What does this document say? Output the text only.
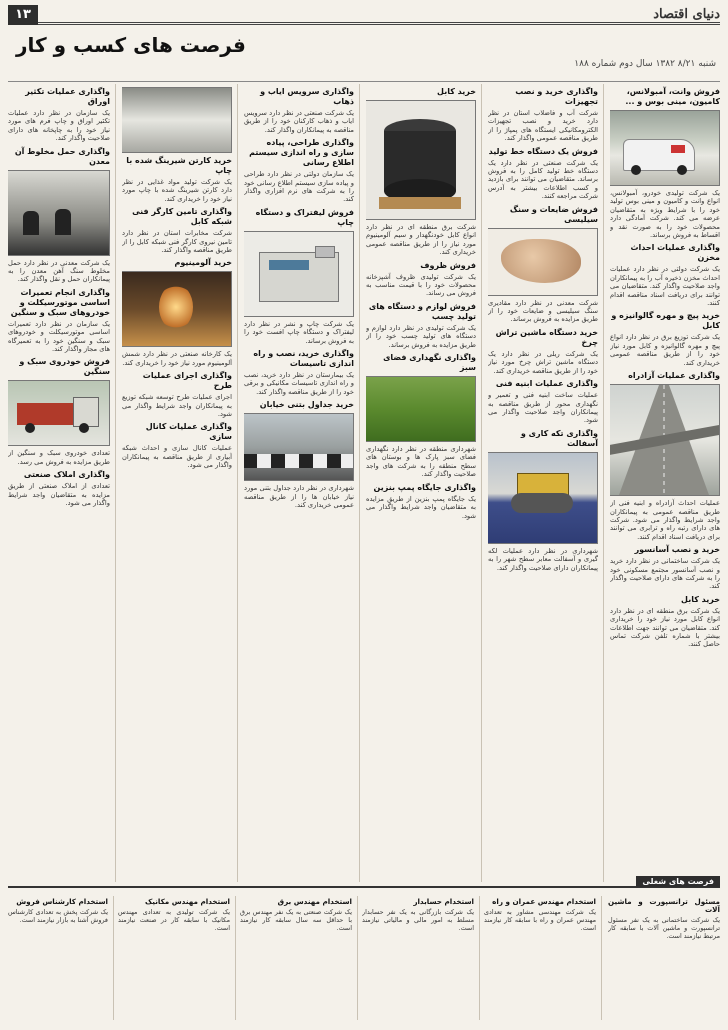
۱۳	دنیای اقتصاد
فرصت های کسب و کار
شنبه ۸/۲۱ ۱۳۸۲ سال دوم شماره ۱۸۸
فروش وانت، آمبولانس، کامیون، مینی بوس و ...
یک شرکت تولیدی خودرو، آمبولانس، انواع وانت و کامیون و مینی بوس تولید خود را با شرایط ویژه به متقاضیان عرضه می کند. شرکت آمادگی دارد محصولات خود را به صورت نقد و اقساط به فروش برساند.
واگذاری عملیات احداث مخزن
یک شرکت دولتی در نظر دارد عملیات احداث مخزن ذخیره آب را به پیمانکاران واجد صلاحیت واگذار کند. متقاضیان می توانند برای دریافت اسناد مناقصه اقدام کنند.
خرید پیچ و مهره گالوانیزه و کابل
یک شرکت توزیع برق در نظر دارد انواع پیچ و مهره گالوانیزه و کابل مورد نیاز خود را از طریق مناقصه عمومی خریداری کند.
واگذاری عملیات آزادراه
عملیات احداث آزادراه و ابنیه فنی از طریق مناقصه عمومی به پیمانکاران واجد شرایط واگذار می شود. شرکت های دارای رتبه راه و ترابری می توانند برای دریافت اسناد اقدام کنند.
خرید و نصب آسانسور
یک شرکت ساختمانی در نظر دارد خرید و نصب آسانسور مجتمع مسکونی خود را به شرکت های دارای صلاحیت واگذار کند.
خرید کابل
یک شرکت برق منطقه ای در نظر دارد انواع کابل مورد نیاز خود را خریداری کند. متقاضیان می توانند جهت اطلاعات بیشتر با شماره تلفن شرکت تماس حاصل کنند.
واگذاری خرید و نصب تجهیزات
شرکت آب و فاضلاب استان در نظر دارد خرید و نصب تجهیزات الکترومکانیکی ایستگاه های پمپاژ را از طریق مناقصه عمومی واگذار کند.
فروش یک دستگاه خط تولید
یک شرکت صنعتی در نظر دارد یک دستگاه خط تولید کامل را به فروش برساند. متقاضیان می توانند برای بازدید و کسب اطلاعات بیشتر به آدرس شرکت مراجعه کنند.
فروش ضایعات و سنگ سیلیسی
شرکت معدنی در نظر دارد مقادیری سنگ سیلیسی و ضایعات خود را از طریق مزایده به فروش برساند.
خرید دستگاه ماشین تراش چرخ
یک شرکت ریلی در نظر دارد یک دستگاه ماشین تراش چرخ مورد نیاز خود را از طریق مناقصه خریداری کند.
واگذاری عملیات ابنیه فنی
عملیات ساخت ابنیه فنی و تعمیر و نگهداری محور از طریق مناقصه به پیمانکاران واجد صلاحیت واگذار می شود.
واگذاری تکه کاری و آسفالت
شهرداری در نظر دارد عملیات لکه گیری و آسفالت معابر سطح شهر را به پیمانکاران دارای صلاحیت واگذار کند.
خرید کابل
شرکت برق منطقه ای در نظر دارد انواع کابل خودنگهدار و سیم آلومینیوم مورد نیاز را از طریق مناقصه عمومی خریداری کند.
فروش ظروف
یک شرکت تولیدی ظروف آشپزخانه محصولات خود را با قیمت مناسب به فروش می رساند.
فروش لوازم و دستگاه های تولید چسب
یک شرکت تولیدی در نظر دارد لوازم و دستگاه های تولید چسب خود را از طریق مزایده به فروش برساند.
واگذاری نگهداری فضای سبز
شهرداری منطقه در نظر دارد نگهداری فضای سبز پارک ها و بوستان های سطح منطقه را به شرکت های واجد صلاحیت واگذار کند.
واگذاری جایگاه پمپ بنزین
یک جایگاه پمپ بنزین از طریق مزایده به متقاضیان واجد شرایط واگذار می شود.
واگذاری سرویس ایاب و ذهاب
یک شرکت صنعتی در نظر دارد سرویس ایاب و ذهاب کارکنان خود را از طریق مناقصه به پیمانکاران واگذار کند.
واگذاری طراحی، پیاده سازی و راه اندازی سیستم اطلاع رسانی
یک سازمان دولتی در نظر دارد طراحی و پیاده سازی سیستم اطلاع رسانی خود را به شرکت های نرم افزاری واگذار کند.
فروش لیفتراک و دستگاه چاپ
یک شرکت چاپ و نشر در نظر دارد لیفتراک و دستگاه چاپ افست خود را به فروش برساند.
واگذاری خرید، نصب و راه اندازی تاسیسات
یک بیمارستان در نظر دارد خرید، نصب و راه اندازی تاسیسات مکانیکی و برقی خود را از طریق مناقصه واگذار کند.
خرید جداول بتنی خیابان
شهرداری در نظر دارد جداول بتنی مورد نیاز خیابان ها را از طریق مناقصه عمومی خریداری کند.
خرید کارتن شیرینگ شده با چاپ
یک شرکت تولید مواد غذایی در نظر دارد کارتن شیرینگ شده با چاپ مورد نیاز خود را خریداری کند.
واگذاری تامین کارگر فنی شبکه کابل
شرکت مخابرات استان در نظر دارد تامین نیروی کارگر فنی شبکه کابل را از طریق مناقصه واگذار کند.
خرید آلومینیوم
یک کارخانه صنعتی در نظر دارد شمش آلومینیوم مورد نیاز خود را خریداری کند.
واگذاری اجرای عملیات طرح
اجرای عملیات طرح توسعه شبکه توزیع به پیمانکاران واجد شرایط واگذار می شود.
واگذاری عملیات کانال سازی
عملیات کانال سازی و احداث شبکه آبیاری از طریق مناقصه به پیمانکاران واگذار می شود.
واگذاری عملیات تکثیر اوراق
یک سازمان در نظر دارد عملیات تکثیر اوراق و چاپ فرم های مورد نیاز خود را به چاپخانه های دارای صلاحیت واگذار کند.
واگذاری حمل مخلوط آن معدن
یک شرکت معدنی در نظر دارد حمل مخلوط سنگ آهن معدن را به پیمانکاران حمل و نقل واگذار کند.
واگذاری انجام تعمیرات اساسی موتورسیکلت و خودروهای سبک و سنگین
یک سازمان در نظر دارد تعمیرات اساسی موتورسیکلت و خودروهای سبک و سنگین خود را به تعمیرگاه های مجاز واگذار کند.
فروش خودروی سبک و سنگین
تعدادی خودروی سبک و سنگین از طریق مزایده به فروش می رسد.
واگذاری املاک صنعتی
تعدادی از املاک صنعتی از طریق مزایده به متقاضیان واجد شرایط واگذار می شود.
فرصت های شغلی
مسئول ترانسپورت و ماشین آلات
یک شرکت ساختمانی به یک نفر مسئول ترانسپورت و ماشین آلات با سابقه کار مرتبط نیازمند است.
استخدام مهندس عمران و راه
یک شرکت مهندسی مشاور به تعدادی مهندس عمران و راه با سابقه کار نیازمند است.
استخدام حسابدار
یک شرکت بازرگانی به یک نفر حسابدار مسلط به امور مالی و مالیاتی نیازمند است.
استخدام مهندس برق
یک شرکت صنعتی به یک نفر مهندس برق با حداقل سه سال سابقه کار نیازمند است.
استخدام مهندس مکانیک
یک شرکت تولیدی به تعدادی مهندس مکانیک با سابقه کار در صنعت نیازمند است.
استخدام کارشناس فروش
یک شرکت پخش به تعدادی کارشناس فروش آشنا به بازار نیازمند است.
